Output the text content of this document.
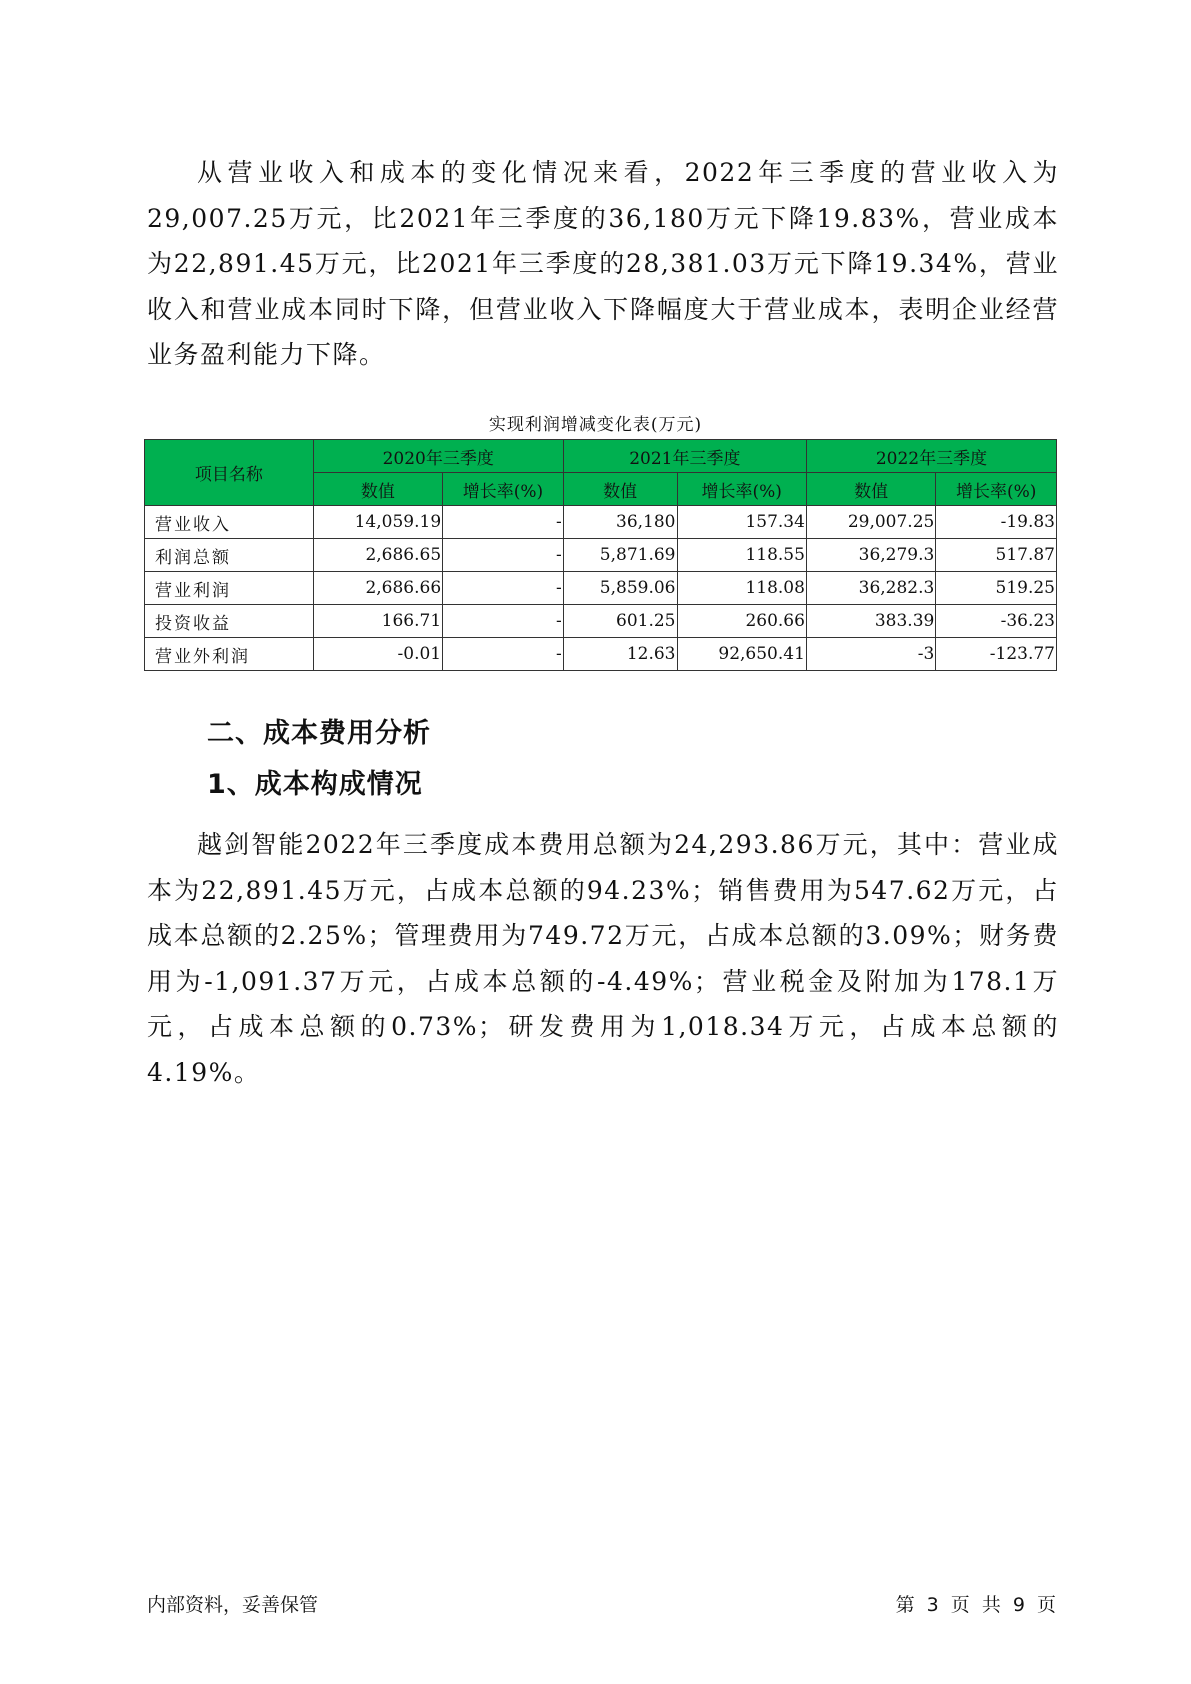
从营业收入和成本的变化情况来看，2022年三季度的营业收入为29,007.25万元，比2021年三季度的36,180万元下降19.83%，营业成本为22,891.45万元，比2021年三季度的28,381.03万元下降19.34%，营业收入和营业成本同时下降，但营业收入下降幅度大于营业成本，表明企业经营业务盈利能力下降。

实现利润增减变化表(万元)
项目名称	2020年三季度		2021年三季度		2022年三季度	
	数值	增长率(%)	数值	增长率(%)	数值	增长率(%)
营业收入	14,059.19	-	36,180	157.34	29,007.25	-19.83
利润总额	2,686.65	-	5,871.69	118.55	36,279.3	517.87
营业利润	2,686.66	-	5,859.06	118.08	36,282.3	519.25
投资收益	166.71	-	601.25	260.66	383.39	-36.23
营业外利润	-0.01	-	12.63	92,650.41	-3	-123.77
二、成本费用分析
1、成本构成情况

越剑智能2022年三季度成本费用总额为24,293.86万元，其中：营业成本为22,891.45万元，占成本总额的94.23%；销售费用为547.62万元，占成本总额的2.25%；管理费用为749.72万元，占成本总额的3.09%；财务费用为-1,091.37万元，占成本总额的-4.49%；营业税金及附加为178.1万元，占成本总额的0.73%；研发费用为1,018.34万元，占成本总额的4.19%。

内部资料，妥善保管	第 3 页 共 9 页
